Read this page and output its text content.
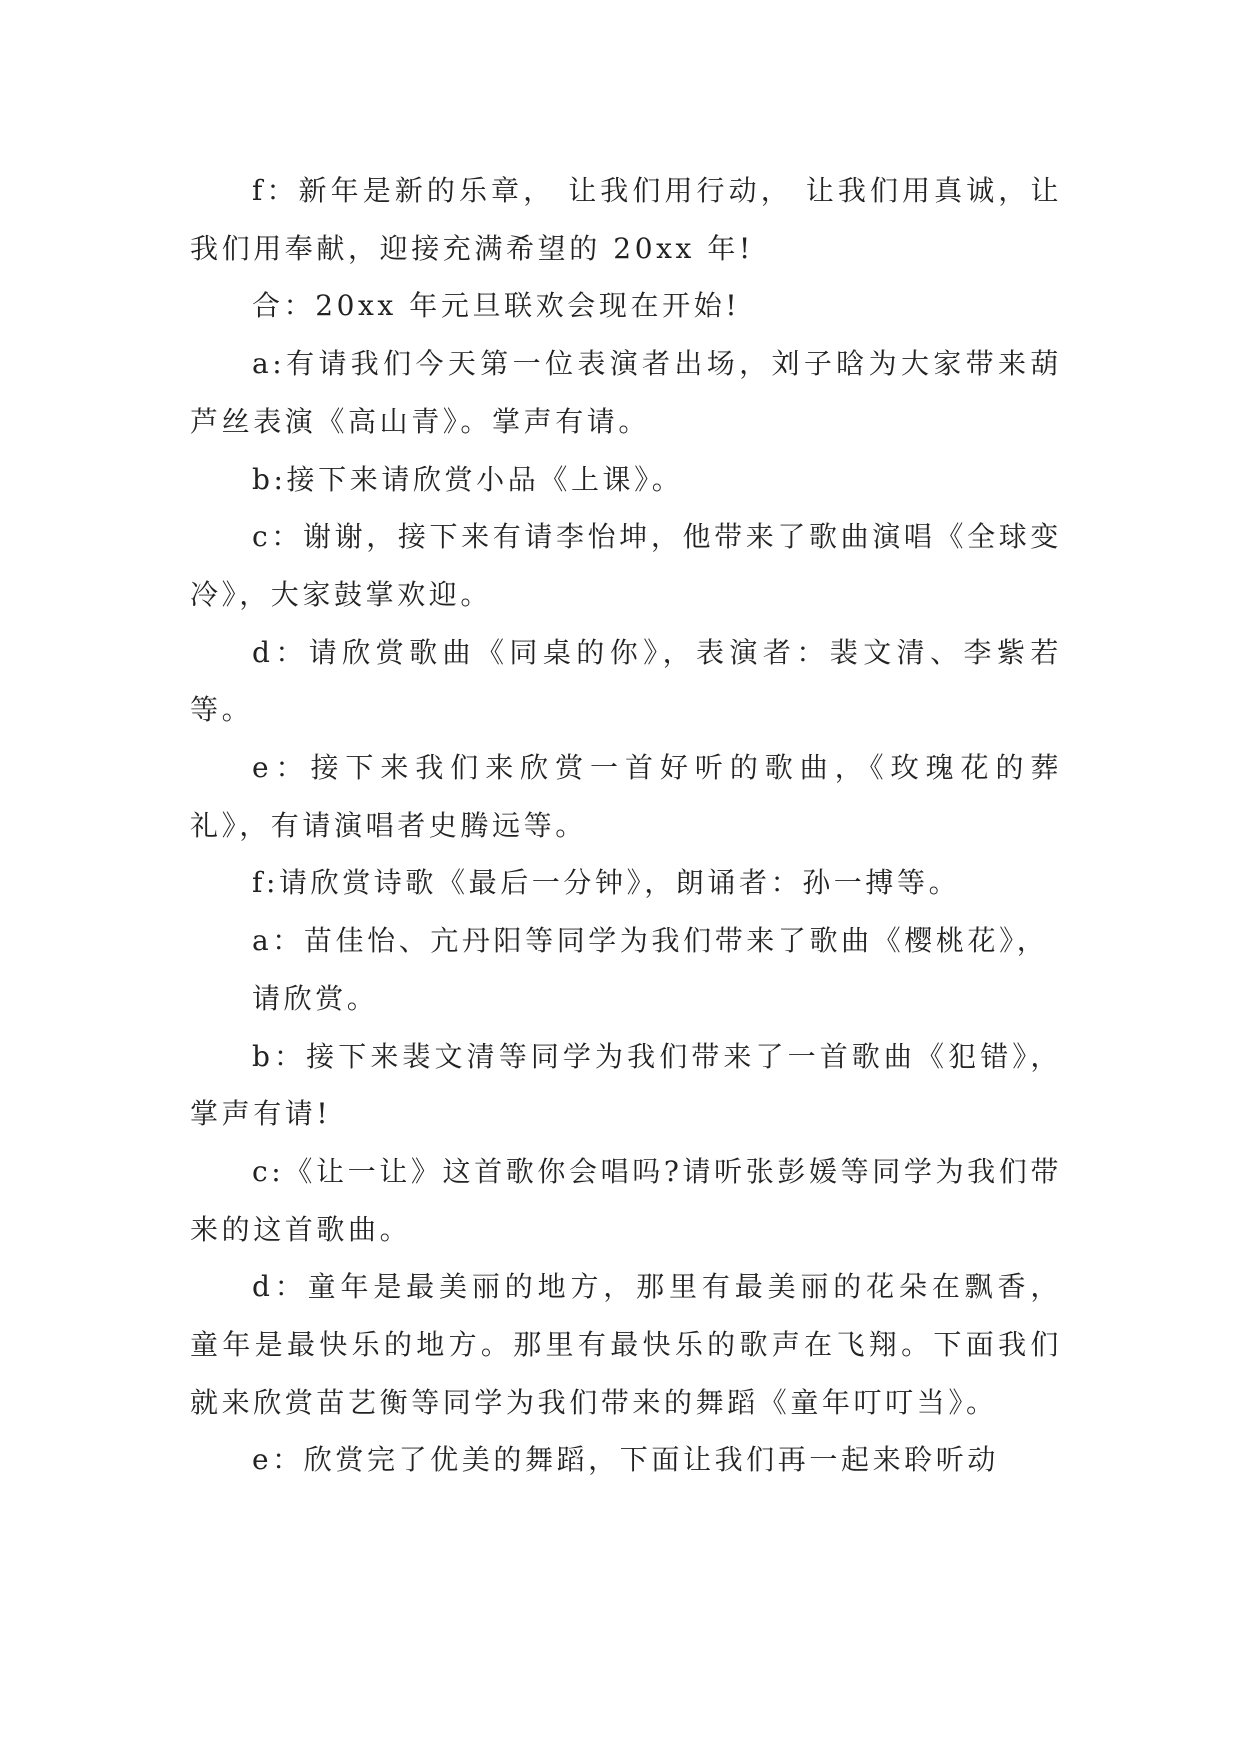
f：新年是新的乐章， 让我们用行动， 让我们用真诚，让我们用奉献，迎接充满希望的 20xx 年!

合：20xx 年元旦联欢会现在开始!

a:有请我们今天第一位表演者出场，刘子晗为大家带来葫芦丝表演《高山青》。掌声有请。

b:接下来请欣赏小品《上课》。

c：谢谢，接下来有请李怡坤，他带来了歌曲演唱《全球变冷》，大家鼓掌欢迎。

d：请欣赏歌曲《同桌的你》，表演者：裴文清、李紫若等。

e：接下来我们来欣赏一首好听的歌曲，《玫瑰花的葬礼》，有请演唱者史腾远等。

f:请欣赏诗歌《最后一分钟》，朗诵者：孙一搏等。

a：苗佳怡、亢丹阳等同学为我们带来了歌曲《樱桃花》，

请欣赏。

b：接下来裴文清等同学为我们带来了一首歌曲《犯错》， 掌声有请!

c:《让一让》这首歌你会唱吗?请听张彭媛等同学为我们带来的这首歌曲。

d：童年是最美丽的地方，那里有最美丽的花朵在飘香，童年是最快乐的地方。那里有最快乐的歌声在飞翔。下面我们就来欣赏苗艺衡等同学为我们带来的舞蹈《童年叮叮当》。

e：欣赏完了优美的舞蹈，下面让我们再一起来聆听动
